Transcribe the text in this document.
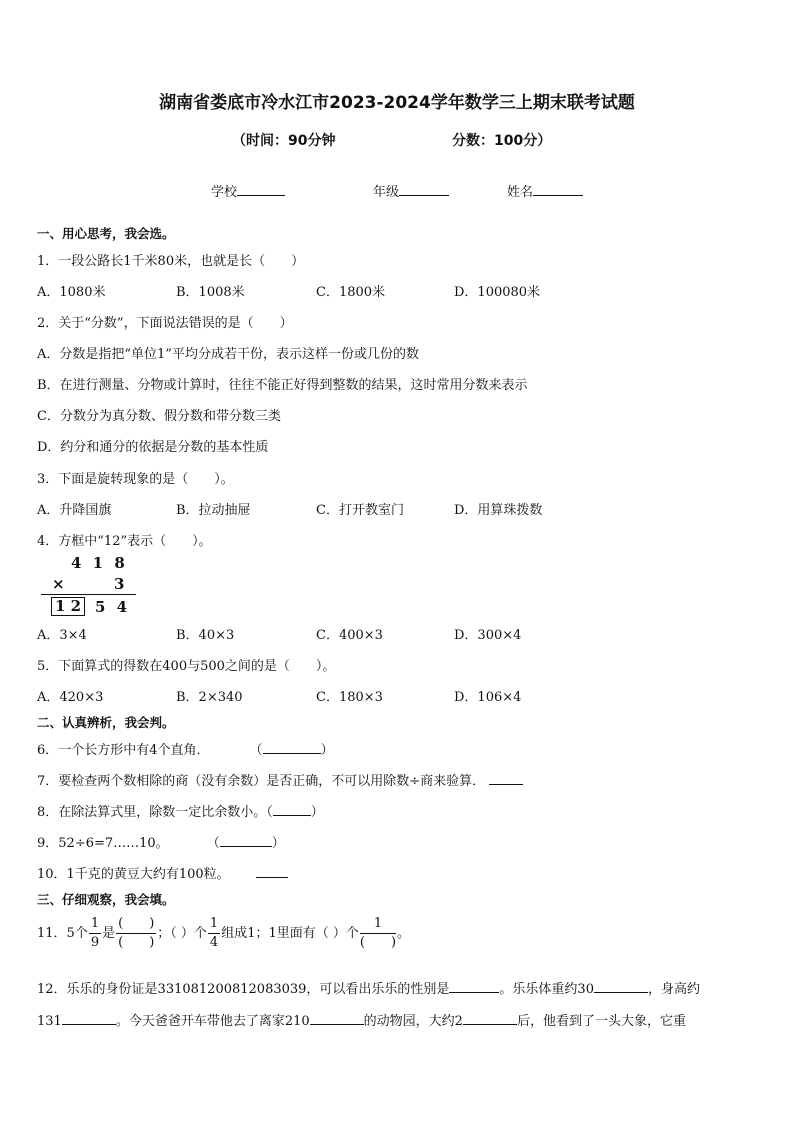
湖南省娄底市冷水江市2023-2024学年数学三上期末联考试题
（时间：90分钟	分数：100分）
学校	年级	姓名
一、用心思考，我会选。
1．一段公路长1千米80米，也就是长（　　）
A．1080米	B．1008米	C．1800米	D．100080米
2．关于“分数”，下面说法错误的是（　　）
A．分数是指把“单位1”平均分成若干份，表示这样一份或几份的数
B．在进行测量、分物或计算时，往往不能正好得到整数的结果，这时常用分数来表示
C．分数分为真分数、假分数和带分数三类
D．约分和通分的依据是分数的基本性质
3．下面是旋转现象的是（　　）。
A．升降国旗	B．拉动抽屉	C．打开教室门	D．用算珠拨数
4．方框中“12”表示（　　）。
4 1 8
×	3
1 2 5 4
A．3×4	B．40×3	C．400×3	D．300×4
5．下面算式的得数在400与500之间的是（　　）。
A．420×3	B．2×340	C．180×3	D．106×4
二、认真辨析，我会判。
6．一个长方形中有4个直角．	（	）
7．要检查两个数相除的商（没有余数）是否正确，不可以用除数÷商来验算．
8．在除法算式里，除数一定比余数小。（	）
9．52÷6=7……10。	（	）
10．1千克的黄豆大约有100粒。
三、仔细观察，我会填。
11．5个 $\frac{1}{9}$ 是 $\frac{( )}{( )}$ ；（ ）个 $\frac{1}{4}$ 组成1；1里面有（ ）个 $\frac{1}{( )}$ 。
12．乐乐的身份证是331081200812083039，可以看出乐乐的性别是	。乐乐体重约30	，身高约
131	。今天爸爸开车带他去了离家210	的动物园，大约2	后，他看到了一头大象，它重
